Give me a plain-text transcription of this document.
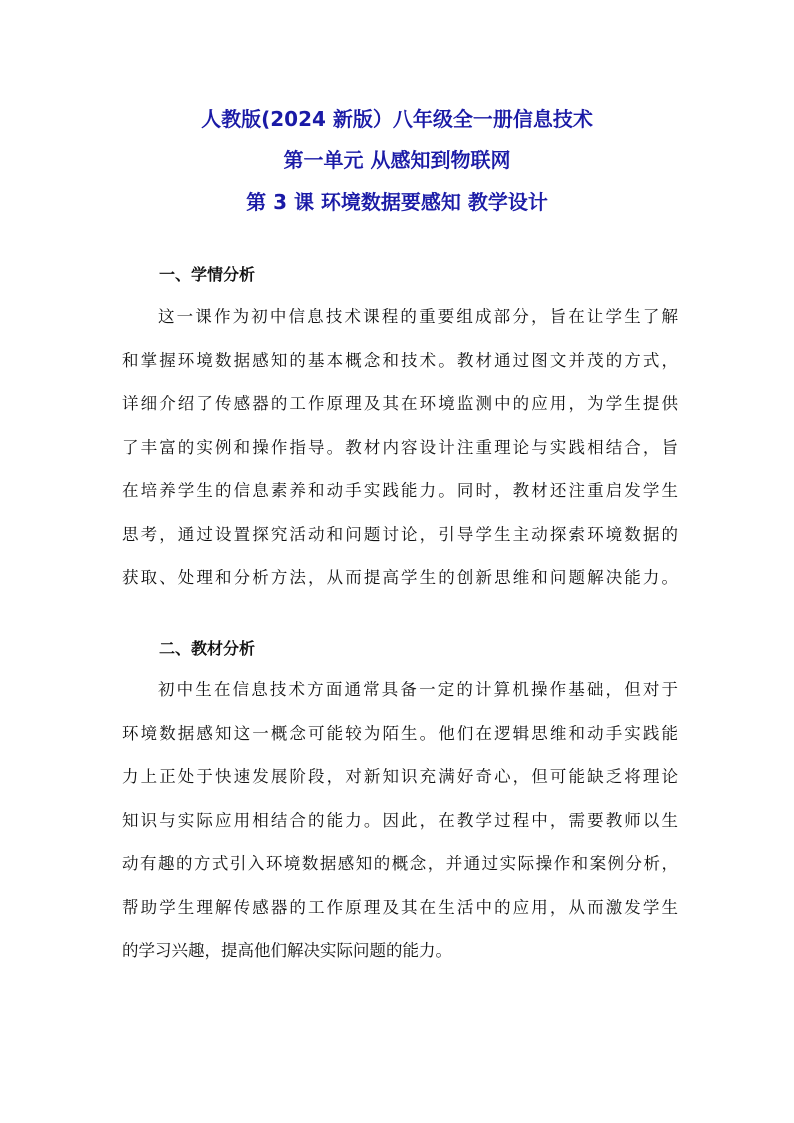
人教版(2024 新版）八年级全一册信息技术
第一单元 从感知到物联网
第 3 课 环境数据要感知 教学设计
一、学情分析
这一课作为初中信息技术课程的重要组成部分，旨在让学生了解
和掌握环境数据感知的基本概念和技术。教材通过图文并茂的方式，
详细介绍了传感器的工作原理及其在环境监测中的应用，为学生提供
了丰富的实例和操作指导。教材内容设计注重理论与实践相结合，旨
在培养学生的信息素养和动手实践能力。同时，教材还注重启发学生
思考，通过设置探究活动和问题讨论，引导学生主动探索环境数据的
获取、处理和分析方法，从而提高学生的创新思维和问题解决能力。
二、教材分析
初中生在信息技术方面通常具备一定的计算机操作基础，但对于
环境数据感知这一概念可能较为陌生。他们在逻辑思维和动手实践能
力上正处于快速发展阶段，对新知识充满好奇心，但可能缺乏将理论
知识与实际应用相结合的能力。因此，在教学过程中，需要教师以生
动有趣的方式引入环境数据感知的概念，并通过实际操作和案例分析，
帮助学生理解传感器的工作原理及其在生活中的应用，从而激发学生
的学习兴趣，提高他们解决实际问题的能力。
